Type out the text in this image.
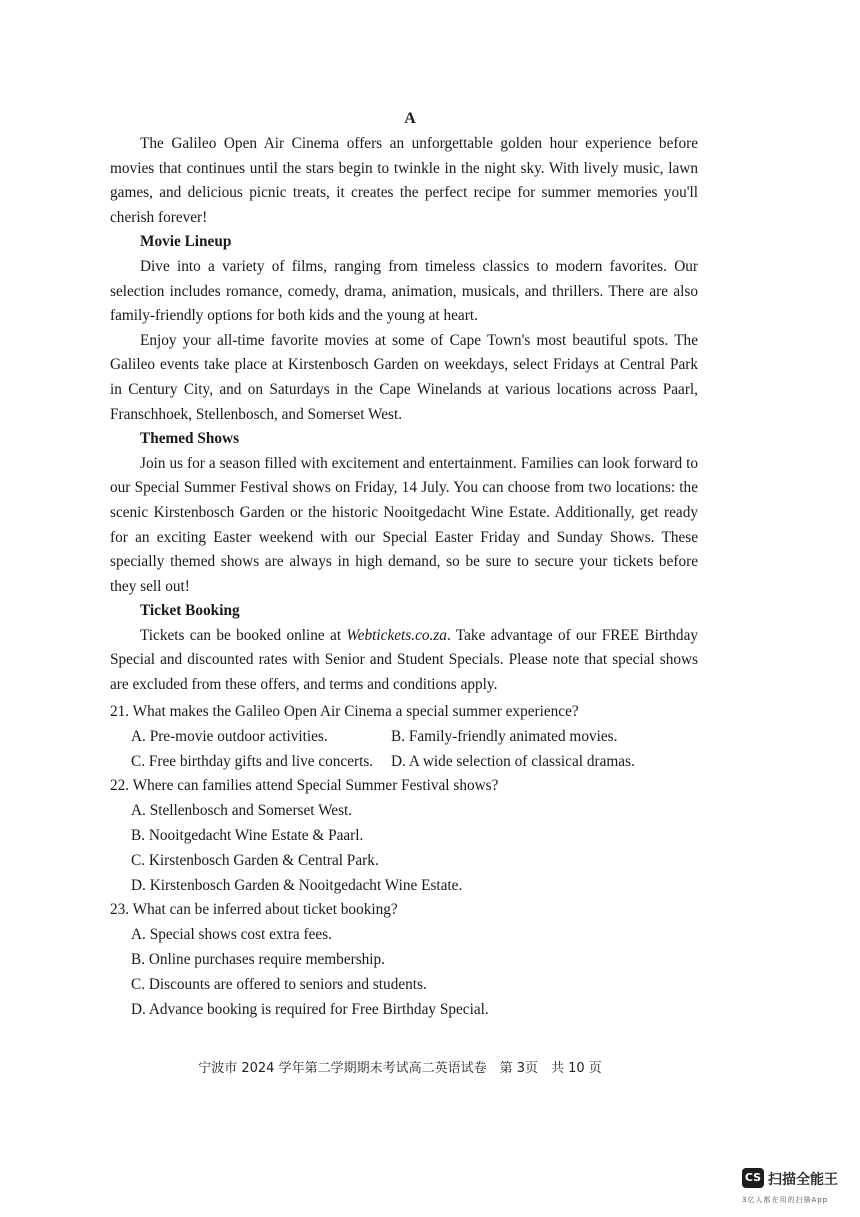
A

The Galileo Open Air Cinema offers an unforgettable golden hour experience before movies that continues until the stars begin to twinkle in the night sky. With lively music, lawn games, and delicious picnic treats, it creates the perfect recipe for summer memories you'll cherish forever!

Movie Lineup

Dive into a variety of films, ranging from timeless classics to modern favorites. Our selection includes romance, comedy, drama, animation, musicals, and thrillers. There are also family-friendly options for both kids and the young at heart.

Enjoy your all-time favorite movies at some of Cape Town's most beautiful spots. The Galileo events take place at Kirstenbosch Garden on weekdays, select Fridays at Central Park in Century City, and on Saturdays in the Cape Winelands at various locations across Paarl, Franschhoek, Stellenbosch, and Somerset West.

Themed Shows

Join us for a season filled with excitement and entertainment. Families can look forward to our Special Summer Festival shows on Friday, 14 July. You can choose from two locations: the scenic Kirstenbosch Garden or the historic Nooitgedacht Wine Estate. Additionally, get ready for an exciting Easter weekend with our Special Easter Friday and Sunday Shows. These specially themed shows are always in high demand, so be sure to secure your tickets before they sell out!

Ticket Booking

Tickets can be booked online at Webtickets.co.za. Take advantage of our FREE Birthday Special and discounted rates with Senior and Student Specials. Please note that special shows are excluded from these offers, and terms and conditions apply.

21. What makes the Galileo Open Air Cinema a special summer experience?
A. Pre-movie outdoor activities.	B. Family-friendly animated movies.
C. Free birthday gifts and live concerts.	D. A wide selection of classical dramas.
22. Where can families attend Special Summer Festival shows?
A. Stellenbosch and Somerset West.
B. Nooitgedacht Wine Estate & Paarl.
C. Kirstenbosch Garden & Central Park.
D. Kirstenbosch Garden & Nooitgedacht Wine Estate.
23. What can be inferred about ticket booking?
A. Special shows cost extra fees.
B. Online purchases require membership.
C. Discounts are offered to seniors and students.
D. Advance booking is required for Free Birthday Special.
宁波市 2024 学年第二学期期末考试高二英语试卷　第 3页　共 10 页
CS 扫描全能王
3亿人都在用的扫描App
